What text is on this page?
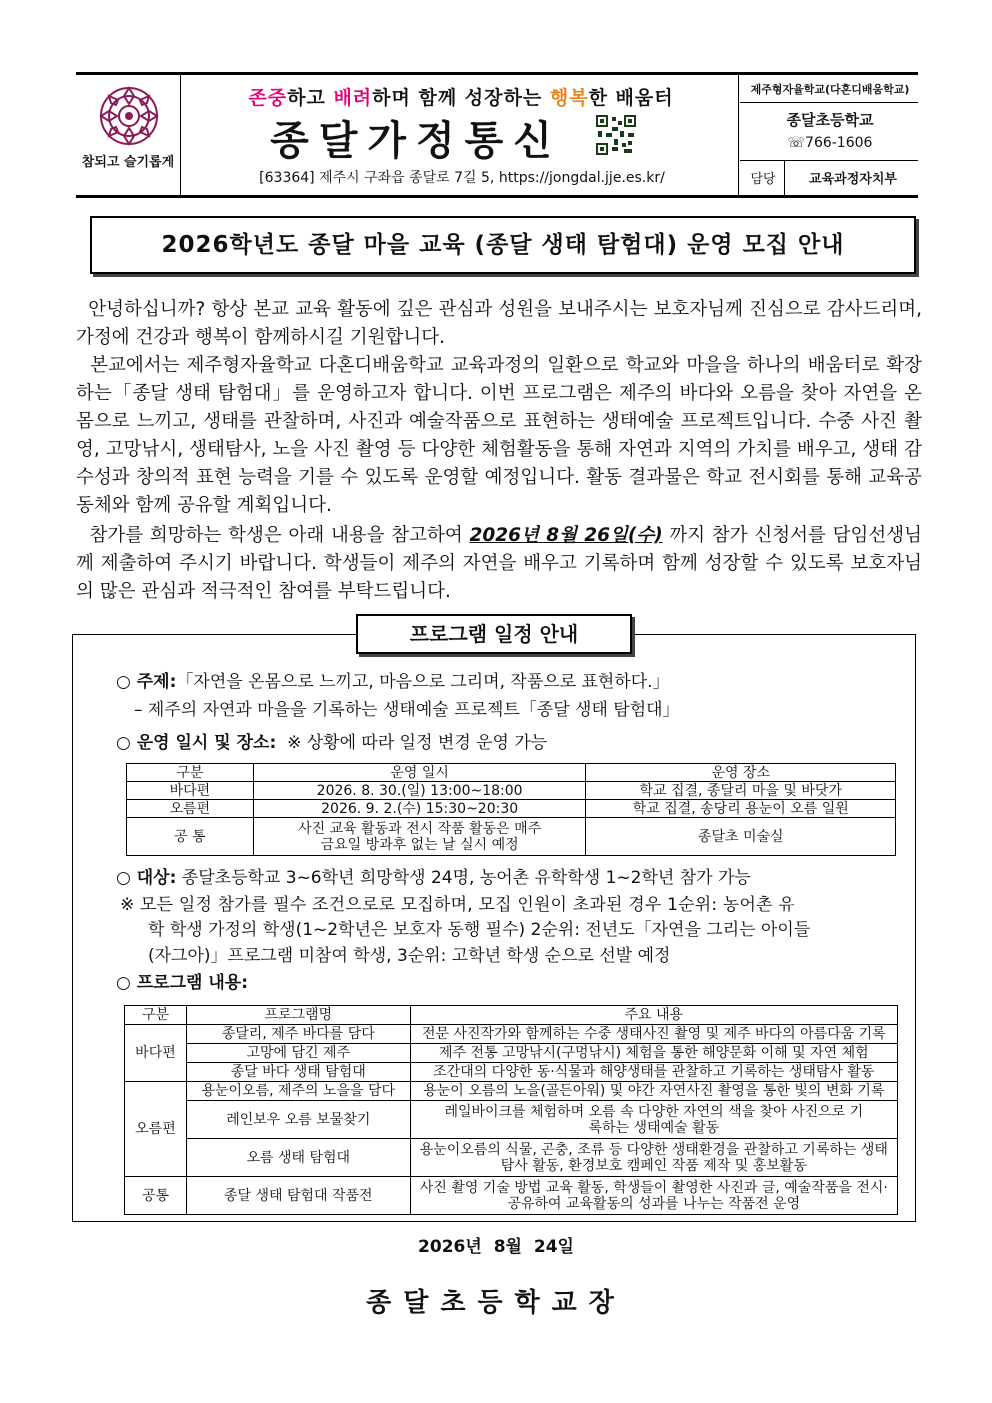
참되고 슬기롭게
존중하고 배려하며 함께 성장하는 행복한 배움터
종달가정통신
[63364] 제주시 구좌읍 종달로 7길 5, https://jongdal.jje.es.kr/
제주형자율학교(다혼디배움학교)
종달초등학교
☏766-1606
담당	교육과정자치부
2026학년도 종달 마을 교육 (종달 생태 탐험대) 운영 모집 안내
안녕하십니까? 항상 본교 교육 활동에 깊은 관심과 성원을 보내주시는 보호자님께 진심으로 감사드리며, 가정에 건강과 행복이 함께하시길 기원합니다.
본교에서는 제주형자율학교 다혼디배움학교 교육과정의 일환으로 학교와 마을을 하나의 배움터로 확장하는「종달 생태 탐험대」를 운영하고자 합니다. 이번 프로그램은 제주의 바다와 오름을 찾아 자연을 온몸으로 느끼고, 생태를 관찰하며, 사진과 예술작품으로 표현하는 생태예술 프로젝트입니다. 수중 사진 촬영, 고망낚시, 생태탐사, 노을 사진 촬영 등 다양한 체험활동을 통해 자연과 지역의 가치를 배우고, 생태 감수성과 창의적 표현 능력을 기를 수 있도록 운영할 예정입니다. 활동 결과물은 학교 전시회를 통해 교육공동체와 함께 공유할 계획입니다.
참가를 희망하는 학생은 아래 내용을 참고하여 2026년 8월 26일(수) 까지 참가 신청서를 담임선생님께 제출하여 주시기 바랍니다. 학생들이 제주의 자연을 배우고 기록하며 함께 성장할 수 있도록 보호자님의 많은 관심과 적극적인 참여를 부탁드립니다.
프로그램 일정 안내
○ 주제:「자연을 온몸으로 느끼고, 마음으로 그리며, 작품으로 표현하다.」
– 제주의 자연과 마을을 기록하는 생태예술 프로젝트「종달 생태 탐험대」
○ 운영 일시 및 장소: ※ 상황에 따라 일정 변경 운영 가능
구분	운영 일시	운영 장소
바다편	2026. 8. 30.(일) 13:00~18:00	학교 집결, 종달리 마을 및 바닷가
오름편	2026. 9. 2.(수) 15:30~20:30	학교 집결, 송당리 용눈이 오름 일원
공 통	사진 교육 활동과 전시 작품 활동은 매주 금요일 방과후 없는 날 실시 예정	종달초 미술실
○ 대상: 종달초등학교 3~6학년 희망학생 24명, 농어촌 유학학생 1~2학년 참가 가능
※ 모든 일정 참가를 필수 조건으로로 모집하며, 모집 인원이 초과된 경우 1순위: 농어촌 유
학 학생 가정의 학생(1~2학년은 보호자 동행 필수) 2순위: 전년도「자연을 그리는 아이들
(자그아)」프로그램 미참여 학생, 3순위: 고학년 학생 순으로 선발 예정
○ 프로그램 내용:
구분	프로그램명	주요 내용
바다편	종달리, 제주 바다를 담다	전문 사진작가와 함께하는 수중 생태사진 촬영 및 제주 바다의 아름다움 기록
	고망에 담긴 제주	제주 전통 고망낚시(구멍낚시) 체험을 통한 해양문화 이해 및 자연 체험
	종달 바다 생태 탐험대	조간대의 다양한 동·식물과 해양생태를 관찰하고 기록하는 생태탐사 활동
오름편	용눈이오름, 제주의 노을을 담다	용눈이 오름의 노을(골든아워) 및 야간 자연사진 촬영을 통한 빛의 변화 기록
	레인보우 오름 보물찾기	레일바이크를 체험하며 오름 속 다양한 자연의 색을 찾아 사진으로 기록하는 생태예술 활동
	오름 생태 탐험대	용눈이오름의 식물, 곤충, 조류 등 다양한 생태환경을 관찰하고 기록하는 생태탐사 활동, 환경보호 캠페인 작품 제작 및 홍보활동
공통	종달 생태 탐험대 작품전	사진 촬영 기술 방법 교육 활동, 학생들이 촬영한 사진과 글, 예술작품을 전시·공유하여 교육활동의 성과를 나누는 작품전 운영
2026년 8월 24일
종달초등학교장
